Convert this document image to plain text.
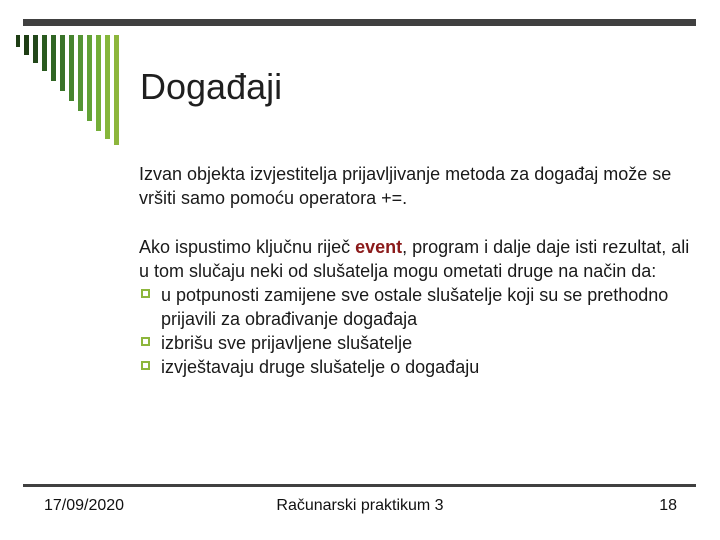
Događaji

Izvan objekta izvjestitelja prijavljivanje metoda za događaj može se vršiti samo pomoću operatora +=.

Ako ispustimo ključnu riječ event, program i dalje daje isti rezultat, ali u tom slučaju neki od slušatelja mogu ometati druge na način da:

u potpunosti zamijene sve ostale slušatelje koji su se prethodno prijavili za obrađivanje događaja
izbrišu sve prijavljene slušatelje
izvještavaju druge slušatelje o događaju
17/09/2020	Računarski praktikum 3	18
